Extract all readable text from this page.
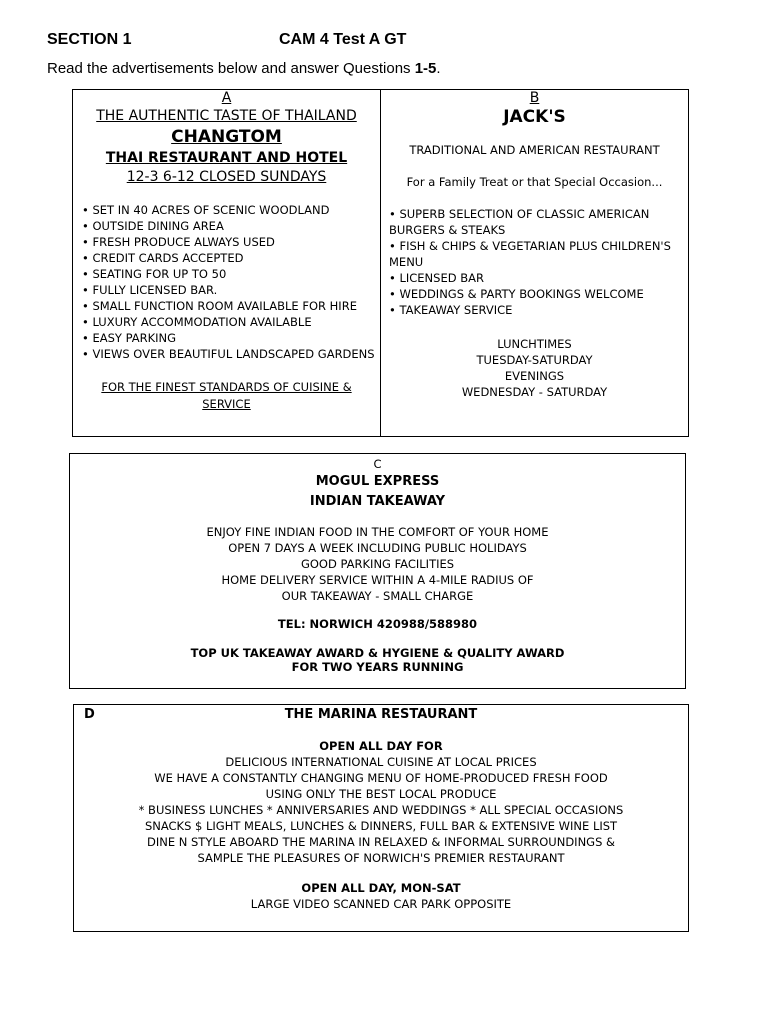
SECTION 1	CAM 4 Test A GT
Read the advertisements below and answer Questions 1-5.
A
THE AUTHENTIC TASTE OF THAILAND
CHANGTOM
THAI RESTAURANT AND HOTEL
12-3 6-12 CLOSED SUNDAYS
• SET IN 40 ACRES OF SCENIC WOODLAND
• OUTSIDE DINING AREA
• FRESH PRODUCE ALWAYS USED
• CREDIT CARDS ACCEPTED
• SEATING FOR UP TO 50
• FULLY LICENSED BAR.
• SMALL FUNCTION ROOM AVAILABLE FOR HIRE
• LUXURY ACCOMMODATION AVAILABLE
• EASY PARKING
• VIEWS OVER BEAUTIFUL LANDSCAPED GARDENS
FOR THE FINEST STANDARDS OF CUISINE & SERVICE
B
JACK'S
TRADITIONAL AND AMERICAN RESTAURANT
For a Family Treat or that Special Occasion...
• SUPERB SELECTION OF CLASSIC AMERICAN BURGERS & STEAKS
• FISH & CHIPS & VEGETARIAN PLUS CHILDREN'S MENU
• LICENSED BAR
• WEDDINGS & PARTY BOOKINGS WELCOME
• TAKEAWAY SERVICE
LUNCHTIMES
TUESDAY-SATURDAY
EVENINGS
WEDNESDAY - SATURDAY
C
MOGUL EXPRESS
INDIAN TAKEAWAY
ENJOY FINE INDIAN FOOD IN THE COMFORT OF YOUR HOME
OPEN 7 DAYS A WEEK INCLUDING PUBLIC HOLIDAYS
GOOD PARKING FACILITIES
HOME DELIVERY SERVICE WITHIN A 4-MILE RADIUS OF
OUR TAKEAWAY - SMALL CHARGE
TEL: NORWICH 420988/588980
TOP UK TAKEAWAY AWARD & HYGIENE & QUALITY AWARD
FOR TWO YEARS RUNNING
D	THE MARINA RESTAURANT
OPEN ALL DAY FOR
DELICIOUS INTERNATIONAL CUISINE AT LOCAL PRICES
WE HAVE A CONSTANTLY CHANGING MENU OF HOME-PRODUCED FRESH FOOD
USING ONLY THE BEST LOCAL PRODUCE
* BUSINESS LUNCHES * ANNIVERSARIES AND WEDDINGS * ALL SPECIAL OCCASIONS
SNACKS $ LIGHT MEALS, LUNCHES & DINNERS, FULL BAR & EXTENSIVE WINE LIST
DINE N STYLE ABOARD THE MARINA IN RELAXED & INFORMAL SURROUNDINGS &
SAMPLE THE PLEASURES OF NORWICH'S PREMIER RESTAURANT
OPEN ALL DAY, MON-SAT
LARGE VIDEO SCANNED CAR PARK OPPOSITE
